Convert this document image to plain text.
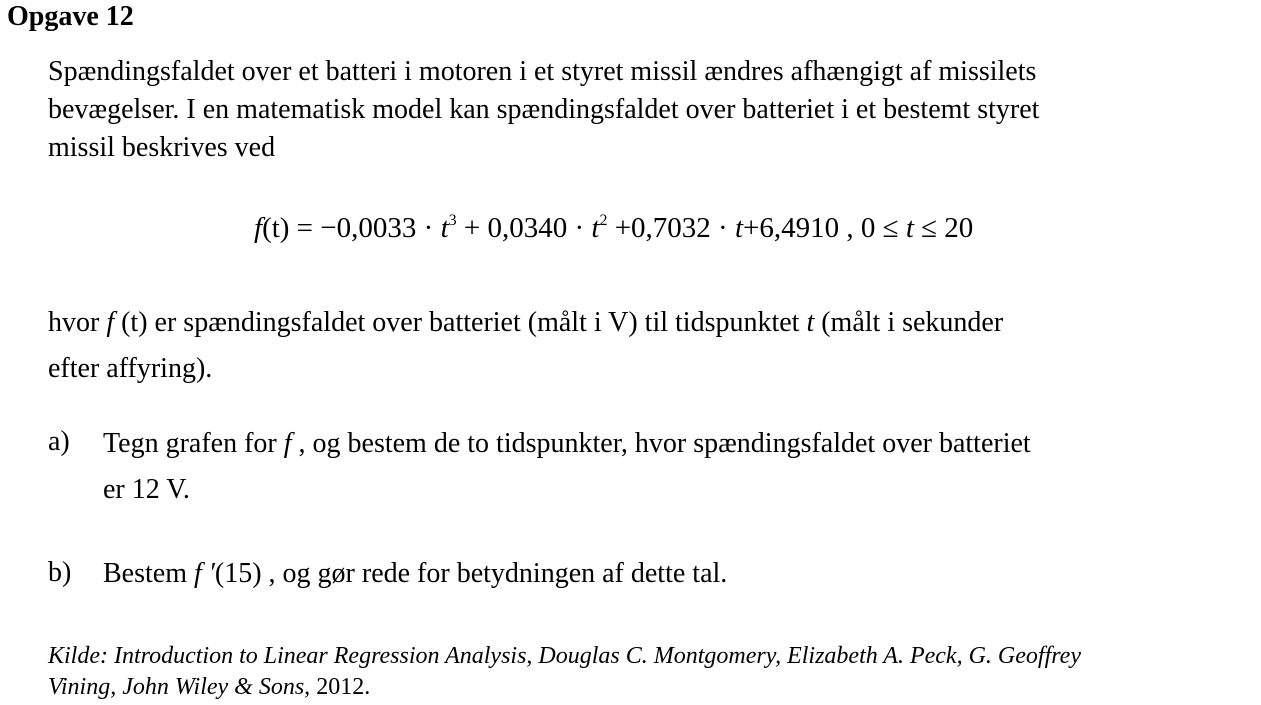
Opgave 12
Spændingsfaldet over et batteri i motoren i et styret missil ændres afhængigt af missilets
bevægelser. I en matematisk model kan spændingsfaldet over batteriet i et bestemt styret
missil beskrives ved
$f(t) = -0,0033 \cdot t^3 + 0,0340 \cdot t^2 +0,7032 \cdot t+6,4910$ , 0 ≤ t ≤ 20
hvor f (t) er spændingsfaldet over batteriet (målt i V) til tidspunktet t (målt i sekunder
efter affyring).
a) Tegn grafen for f , og bestem de to tidspunkter, hvor spændingsfaldet over batteriet
er 12 V.
b) Bestem f ′(15) , og gør rede for betydningen af dette tal.
Kilde: Introduction to Linear Regression Analysis, Douglas C. Montgomery, Elizabeth A. Peck, G. Geoffrey
Vining, John Wiley & Sons, 2012.
